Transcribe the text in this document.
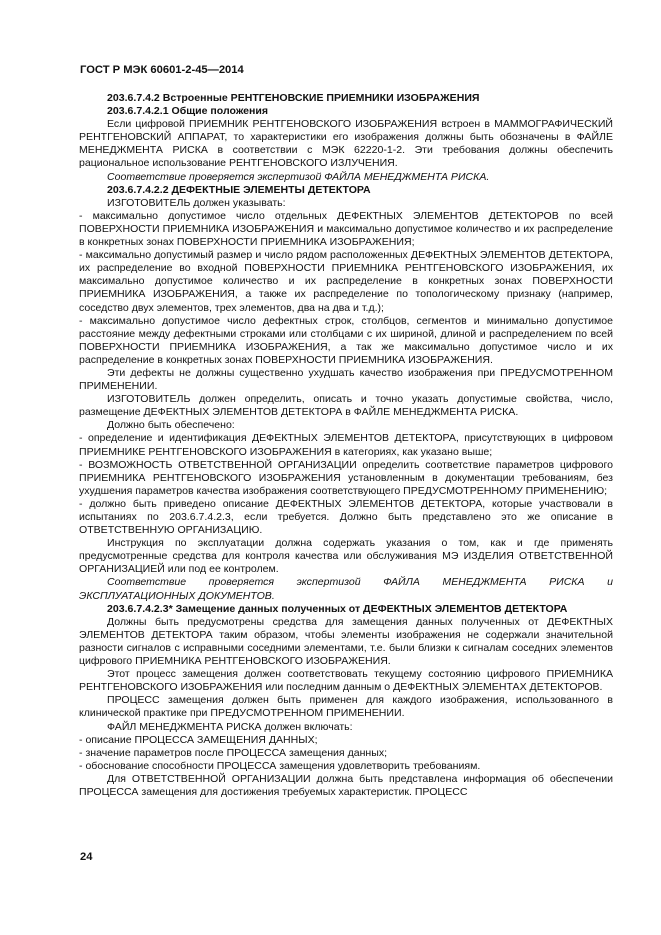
ГОСТ Р МЭК 60601-2-45—2014

203.6.7.4.2 Встроенные РЕНТГЕНОВСКИЕ ПРИЕМНИКИ ИЗОБРАЖЕНИЯ

203.6.7.4.2.1 Общие положения

Если цифровой ПРИЕМНИК РЕНТГЕНОВСКОГО ИЗОБРАЖЕНИЯ встроен в МАММОГРАФИЧЕСКИЙ РЕНТГЕНОВСКИЙ АППАРАТ, то характеристики его изображения должны быть обозначены в ФАЙЛЕ МЕНЕДЖМЕНТА РИСКА в соответствии с МЭК 62220-1-2. Эти требования должны обеспечить рациональное использование РЕНТГЕНОВСКОГО ИЗЛУЧЕНИЯ.

Соответствие проверяется экспертизой ФАЙЛА МЕНЕДЖМЕНТА РИСКА.

203.6.7.4.2.2 ДЕФЕКТНЫЕ ЭЛЕМЕНТЫ ДЕТЕКТОРА

ИЗГОТОВИТЕЛЬ должен указывать:

- максимально допустимое число отдельных ДЕФЕКТНЫХ ЭЛЕМЕНТОВ ДЕТЕКТОРОВ по всей ПОВЕРХНОСТИ ПРИЕМНИКА ИЗОБРАЖЕНИЯ и максимально допустимое количество и их распределение в конкретных зонах ПОВЕРХНОСТИ ПРИЕМНИКА ИЗОБРАЖЕНИЯ;

- максимально допустимый размер и число рядом расположенных ДЕФЕКТНЫХ ЭЛЕМЕНТОВ ДЕТЕКТОРА, их распределение во входной ПОВЕРХНОСТИ ПРИЕМНИКА РЕНТГЕНОВСКОГО ИЗОБРАЖЕНИЯ, их максимально допустимое количество и их распределение в конкретных зонах ПОВЕРХНОСТИ ПРИЕМНИКА ИЗОБРАЖЕНИЯ, а также их распределение по топологическому признаку (например, соседство двух элементов, трех элементов, два на два и т.д.);

- максимально допустимое число дефектных строк, столбцов, сегментов и минимально допустимое расстояние между дефектными строками или столбцами с их шириной, длиной и распределением по всей ПОВЕРХНОСТИ ПРИЕМНИКА ИЗОБРАЖЕНИЯ, а так же максимально допустимое число и их распределение в конкретных зонах ПОВЕРХНОСТИ ПРИЕМНИКА ИЗОБРАЖЕНИЯ.

Эти дефекты не должны существенно ухудшать качество изображения при ПРЕДУСМОТРЕННОМ ПРИМЕНЕНИИ.

ИЗГОТОВИТЕЛЬ должен определить, описать и точно указать допустимые свойства, число, размещение ДЕФЕКТНЫХ ЭЛЕМЕНТОВ ДЕТЕКТОРА в ФАЙЛЕ МЕНЕДЖМЕНТА РИСКА.

Должно быть обеспечено:

- определение и идентификация ДЕФЕКТНЫХ ЭЛЕМЕНТОВ ДЕТЕКТОРА, присутствующих в цифровом ПРИЕМНИКЕ РЕНТГЕНОВСКОГО ИЗОБРАЖЕНИЯ в категориях, как указано выше;

- ВОЗМОЖНОСТЬ ОТВЕТСТВЕННОЙ ОРГАНИЗАЦИИ определить соответствие параметров цифрового ПРИЕМНИКА РЕНТГЕНОВСКОГО ИЗОБРАЖЕНИЯ установленным в документации требованиям, без ухудшения параметров качества изображения соответствующего ПРЕДУСМОТРЕННОМУ ПРИМЕНЕНИЮ;

- должно быть приведено описание ДЕФЕКТНЫХ ЭЛЕМЕНТОВ ДЕТЕКТОРА, которые участвовали в испытаниях по 203.6.7.4.2.3, если требуется. Должно быть представлено это же описание в ОТВЕТСТВЕННУЮ ОРГАНИЗАЦИЮ.

Инструкция по эксплуатации должна содержать указания о том, как и где применять предусмотренные средства для контроля качества или обслуживания МЭ ИЗДЕЛИЯ ОТВЕТСТВЕННОЙ ОРГАНИЗАЦИЕЙ или под ее контролем.

Соответствие проверяется экспертизой ФАЙЛА МЕНЕДЖМЕНТА РИСКА и ЭКСПЛУАТАЦИОННЫХ ДОКУМЕНТОВ.

203.6.7.4.2.3* Замещение данных полученных от ДЕФЕКТНЫХ ЭЛЕМЕНТОВ ДЕТЕКТОРА

Должны быть предусмотрены средства для замещения данных полученных от ДЕФЕКТНЫХ ЭЛЕМЕНТОВ ДЕТЕКТОРА таким образом, чтобы элементы изображения не содержали значительной разности сигналов с исправными соседними элементами, т.е. были близки к сигналам соседних элементов цифрового ПРИЕМНИКА РЕНТГЕНОВСКОГО ИЗОБРАЖЕНИЯ.

Этот процесс замещения должен соответствовать текущему состоянию цифрового ПРИЕМНИКА РЕНТГЕНОВСКОГО ИЗОБРАЖЕНИЯ или последним данным о ДЕФЕКТНЫХ ЭЛЕМЕНТАХ ДЕТЕКТОРОВ.

ПРОЦЕСС замещения должен быть применен для каждого изображения, использованного в клинической практике при ПРЕДУСМОТРЕННОМ ПРИМЕНЕНИИ.

ФАЙЛ МЕНЕДЖМЕНТА РИСКА должен включать:

- описание ПРОЦЕССА ЗАМЕЩЕНИЯ ДАННЫХ;

- значение параметров после ПРОЦЕССА замещения данных;

- обоснование способности ПРОЦЕССА замещения удовлетворить требованиям.

Для ОТВЕТСТВЕННОЙ ОРГАНИЗАЦИИ должна быть представлена информация об обеспечении ПРОЦЕССА замещения для достижения требуемых характеристик. ПРОЦЕСС

24
